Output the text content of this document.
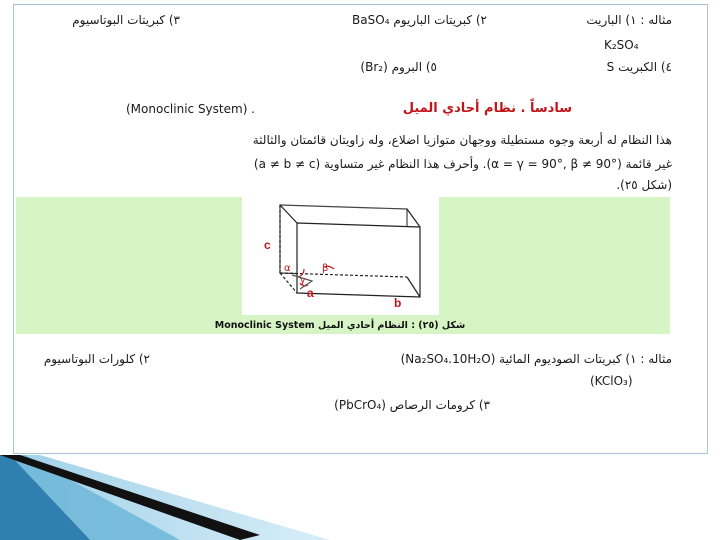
مثاله : ١) الباريت
٢) كبريتات الباريوم BaSO₄
٣) كبريتات البوتاسيوم
K₂SO₄
٤) الكبريت S
٥) البروم (Br₂)
سادساً . نظام أحادي الميل
(Monoclinic System) .
هذا النظام له أربعة وجوه مستطيلة ووجهان متوازيا اضلاع، وله زاويتان قائمتان والثالثة
غير قائمة (α = γ = 90°, β ≠ 90°). وأحرف هذا النظام غير متساوية (a ≠ b ≠ c)
(شكل ٢٥).
c
α	β
γ
a
b
شكل (٢٥) : النظام أحادي الميل Monoclinic System
مثاله : ١) كبريتات الصوديوم المائية (Na₂SO₄.10H₂O)
٢) كلورات البوتاسيوم
(KClO₃)
٣) كرومات الرصاص (PbCrO₄)
